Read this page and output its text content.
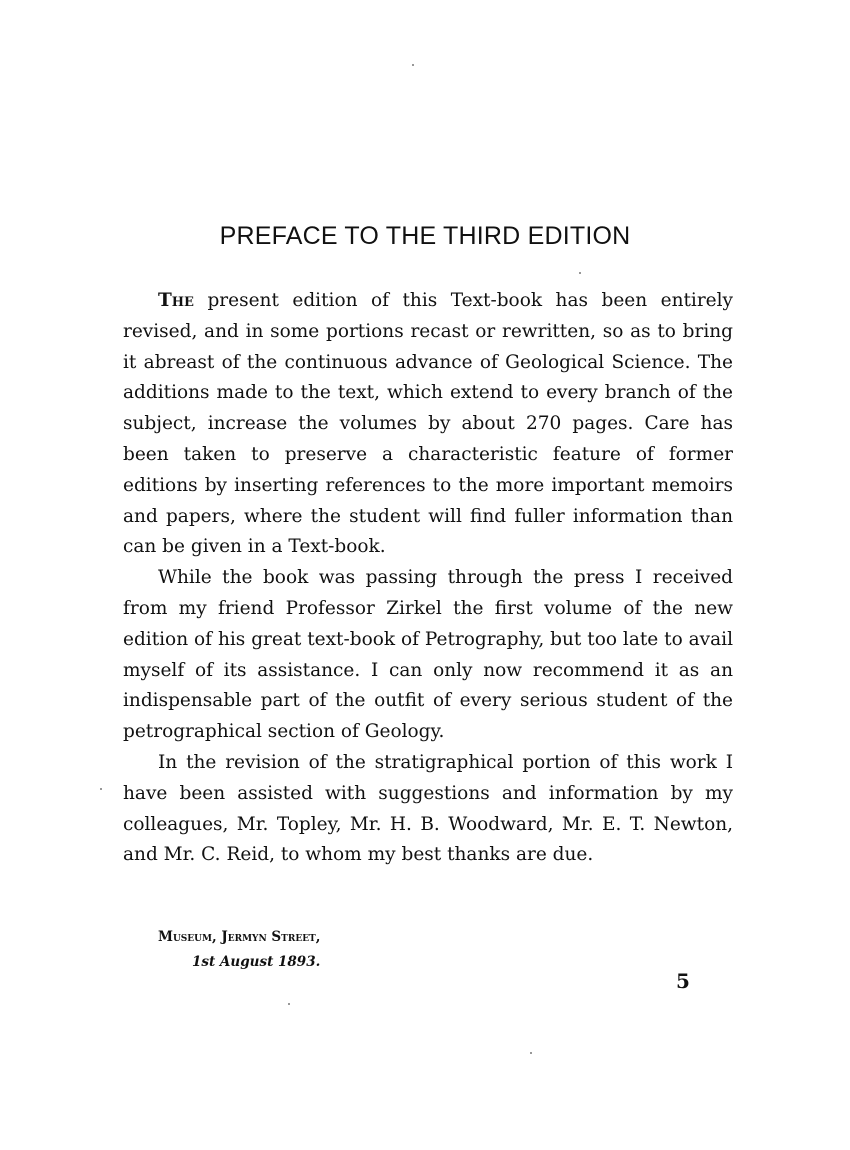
PREFACE TO THE THIRD EDITION

The present edition of this Text-book has been entirely revised, and in some portions recast or rewritten, so as to bring it abreast of the continuous advance of Geological Science. The additions made to the text, which extend to every branch of the subject, increase the volumes by about 270 pages. Care has been taken to preserve a characteristic feature of former editions by inserting references to the more important memoirs and papers, where the student will find fuller information than can be given in a Text-book.

While the book was passing through the press I received from my friend Professor Zirkel the first volume of the new edition of his great text-book of Petrography, but too late to avail myself of its assistance. I can only now recommend it as an indispensable part of the outfit of every serious student of the petrographical section of Geology.

In the revision of the stratigraphical portion of this work I have been assisted with suggestions and information by my colleagues, Mr. Topley, Mr. H. B. Woodward, Mr. E. T. Newton, and Mr. C. Reid, to whom my best thanks are due.

Museum, Jermyn Street,
1st August 1893.
5
